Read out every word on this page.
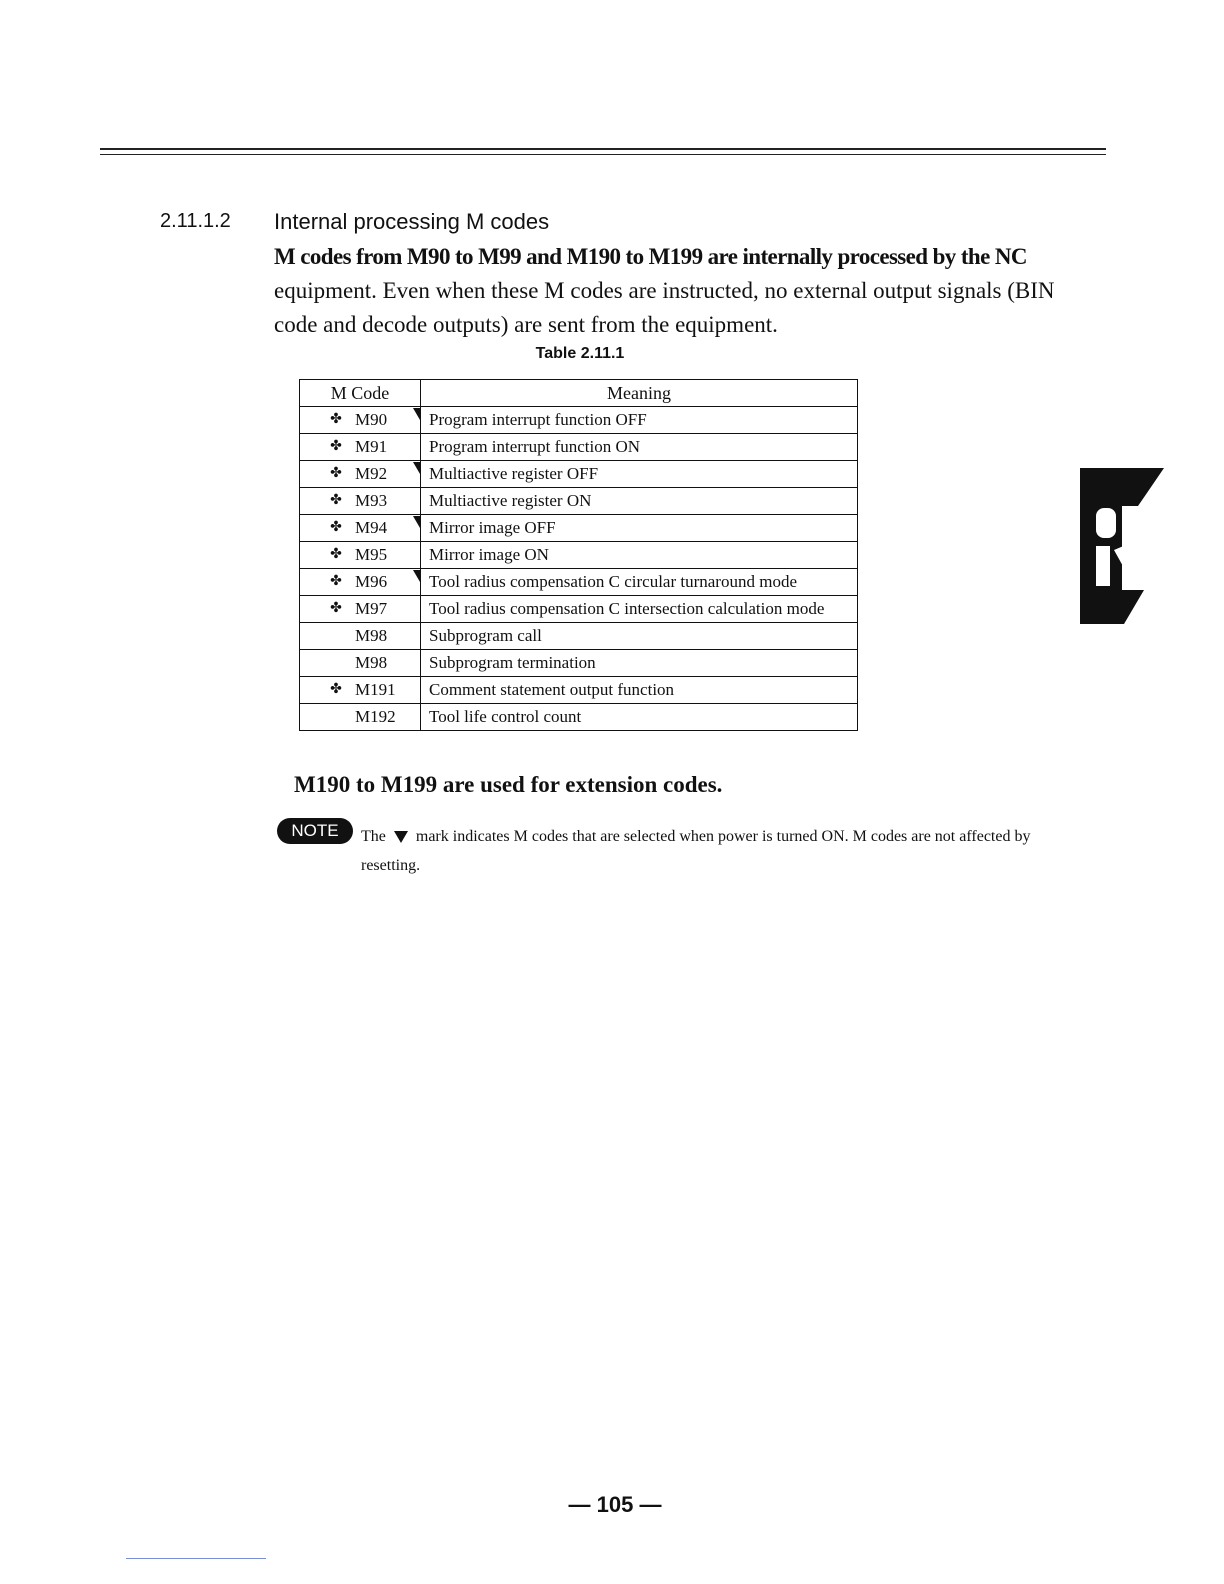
2.11.1.2 Internal processing M codes

M codes from M90 to M99 and M190 to M199 are internally processed by the NC
equipment. Even when these M codes are instructed, no external output signals (BIN code and decode outputs) are sent from the equipment.

Table 2.11.1
M Code	Meaning

✤ M90	Program interrupt function OFF

✤ M91	Program interrupt function ON

✤ M92	Multiactive register OFF

✤ M93	Multiactive register ON

✤ M94	Mirror image OFF

✤ M95	Mirror image ON

✤ M96	Tool radius compensation C circular turnaround mode

✤ M97	Tool radius compensation C intersection calculation mode

M98	Subprogram call

M98	Subprogram termination

✤ M191	Comment statement output function

M192	Tool life control count
M190 to M199 are used for extension codes.
NOTE	The mark indicates M codes that are selected when power is turned ON. M codes are not affected by resetting.

— 105 —
